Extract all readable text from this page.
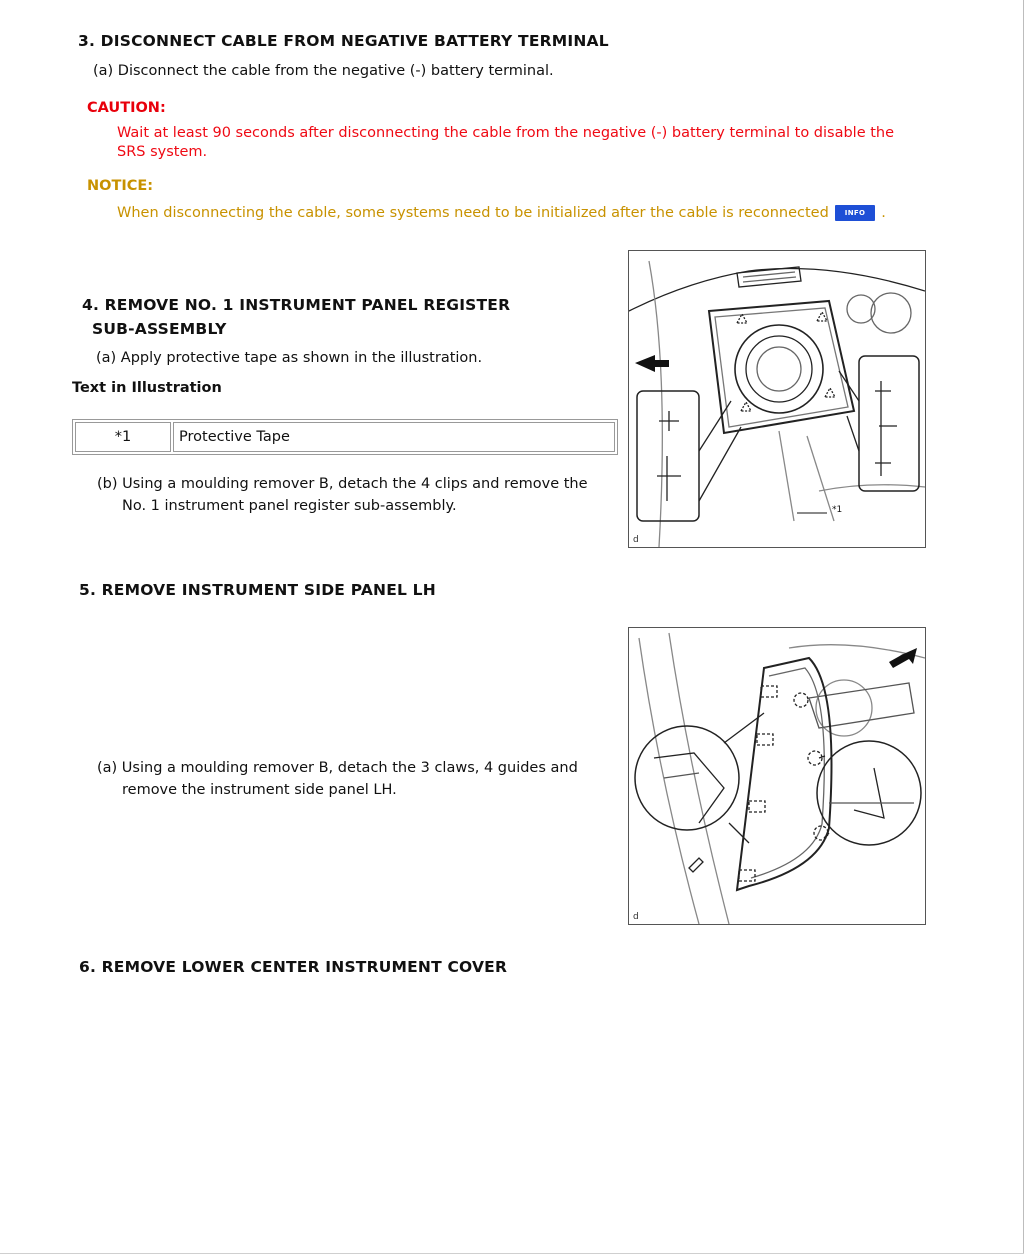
3. DISCONNECT CABLE FROM NEGATIVE BATTERY TERMINAL
(a) Disconnect the cable from the negative (-) battery terminal.
CAUTION:
Wait at least 90 seconds after disconnecting the cable from the negative (-) battery terminal to disable the
SRS system.
NOTICE:
When disconnecting the cable, some systems need to be initialized after the cable is reconnected INFO .
4. REMOVE NO. 1 INSTRUMENT PANEL REGISTER
SUB-ASSEMBLY
(a) Apply protective tape as shown in the illustration.
Text in Illustration
*1	Protective Tape
(b) Using a moulding remover B, detach the 4 clips and remove the
No. 1 instrument panel register sub-assembly.	*1
d
5. REMOVE INSTRUMENT SIDE PANEL LH
(a) Using a moulding remover B, detach the 3 claws, 4 guides and
remove the instrument side panel LH.
d
6. REMOVE LOWER CENTER INSTRUMENT COVER
